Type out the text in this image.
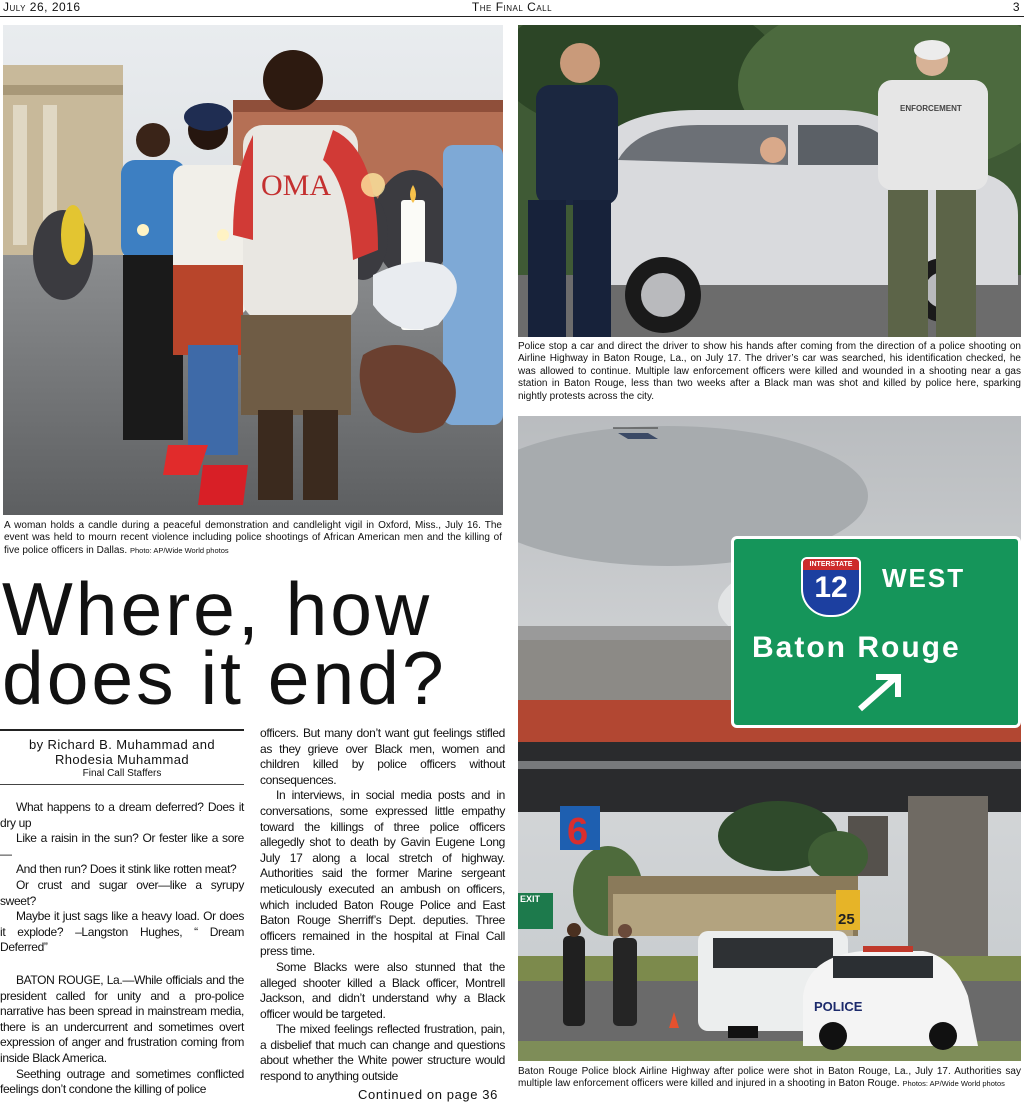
July 26, 2016	The Final Call	3
OMA
A woman holds a candle during a peaceful demonstration and candlelight vigil in Oxford, Miss., July 16. The event was held to mourn recent violence including police shootings of African American men and the killing of five police officers in Dallas. Photo: AP/Wide World photos
ENFORCEMENT
Police stop a car and direct the driver to show his hands after coming from the direction of a police shooting on Airline Highway in Baton Rouge, La., on July 17. The driver’s car was searched, his identification checked, he was allowed to continue. Multiple law enforcement officers were killed and wounded in a shooting near a gas station in Baton Rouge, less than two weeks after a Black man was shot and killed by police here, sparking nightly protests across the city.
6
EXIT
25
POLICE
INTERSTATE
12	WEST
Baton Rouge
Baton Rouge Police block Airline Highway after police were shot in Baton Rouge, La., July 17. Authorities say multiple law enforcement officers were killed and injured in a shooting in Baton Rouge. Photos: AP/Wide World photos
Where, how
does it end?
by Richard B. Muhammad and
Rhodesia Muhammad
Final Call Staffers

What happens to a dream deferred? Does it dry up

Like a raisin in the sun? Or fester like a sore—

And then run? Does it stink like rotten meat?

Or crust and sugar over—like a syrupy sweet?

Maybe it just sags like a heavy load. Or does it explode? –Langston Hughes, “ Dream Deferred”

BATON ROUGE, La.—While officials and the president called for unity and a pro-police narrative has been spread in mainstream media, there is an undercurrent and sometimes overt expression of anger and frustration coming from inside Black America.

Seething outrage and sometimes conflicted feelings don’t condone the killing of police

officers. But many don’t want gut feelings stifled as they grieve over Black men, women and children killed by police officers without consequences.

In interviews, in social media posts and in conversations, some expressed little empathy toward the killings of three police officers allegedly shot to death by Gavin Eugene Long July 17 along a local stretch of highway. Authorities said the former Marine sergeant meticulously executed an ambush on officers, which included Baton Rouge Police and East Baton Rouge Sherriff’s Dept. deputies. Three officers remained in the hospital at Final Call press time.

Some Blacks were also stunned that the alleged shooter killed a Black officer, Montrell Jackson, and didn’t understand why a Black officer would be targeted.

The mixed feelings reflected frustration, pain, a disbelief that much can change and questions about whether the White power structure would respond to anything outside

Continued on page 36
